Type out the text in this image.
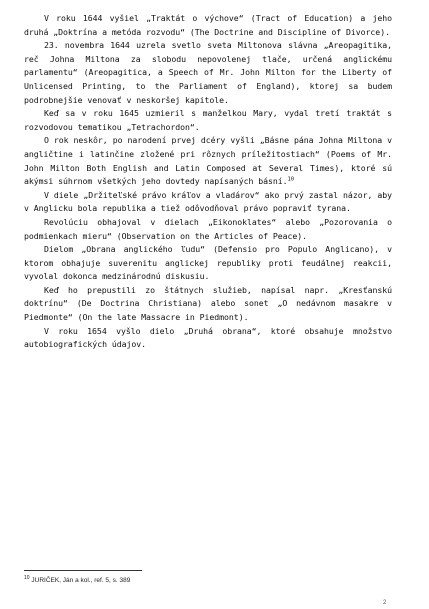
V roku 1644 vyšiel „Traktát o výchove“ (Tract of Education) a jeho druhá „Doktrína a metóda rozvodu“ (The Doctrine and Discipline of Divorce).

23. novembra 1644 uzrela svetlo sveta Miltonova slávna „Areopagitika, reč Johna Miltona za slobodu nepovolenej tlače, určená anglickému parlamentu“ (Areopagitica, a Speech of Mr. John Milton for the Liberty of Unlicensed Printing, to the Parliament of England), ktorej sa budem podrobnejšie venovať v neskoršej kapitole.

Keď sa v roku 1645 uzmieril s manželkou Mary, vydal tretí traktát s rozvodovou tematikou „Tetrachordon“.

O rok neskôr, po narodení prvej dcéry vyšli „Básne pána Johna Miltona v angličtine i latinčine zložené pri rôznych príležitostiach“ (Poems of Mr. John Milton Both English and Latin Composed at Several Times), ktoré sú akýmsi súhrnom všetkých jeho dovtedy napísaných básní.$^{10}$

V diele „Držiteľské právo kráľov a vladárov“ ako prvý zastal názor, aby v Anglicku bola republika a tiež odôvodňoval právo popraviť tyrana.

Revolúciu obhajoval v dielach „Eikonoklates“ alebo „Pozorovania o podmienkach mieru“ (Observation on the Articles of Peace).

Dielom „Obrana anglického ľudu“ (Defensio pro Populo Anglicano), v ktorom obhajuje suverenitu anglickej republiky proti feudálnej reakcii, vyvolal dokonca medzinárodnú diskusiu.

Keď ho prepustili zo štátnych služieb, napísal napr. „Kresťanskú doktrínu“ (De Doctrina Christiana) alebo sonet „O nedávnom masakre v Piedmonte“ (On the late Massacre in Piedmont).

V roku 1654 vyšlo dielo „Druhá obrana“, ktoré obsahuje množstvo autobiografických údajov.

$^{10}$ JURIČEK, Ján a kol., ref. 5, s. 389
2
